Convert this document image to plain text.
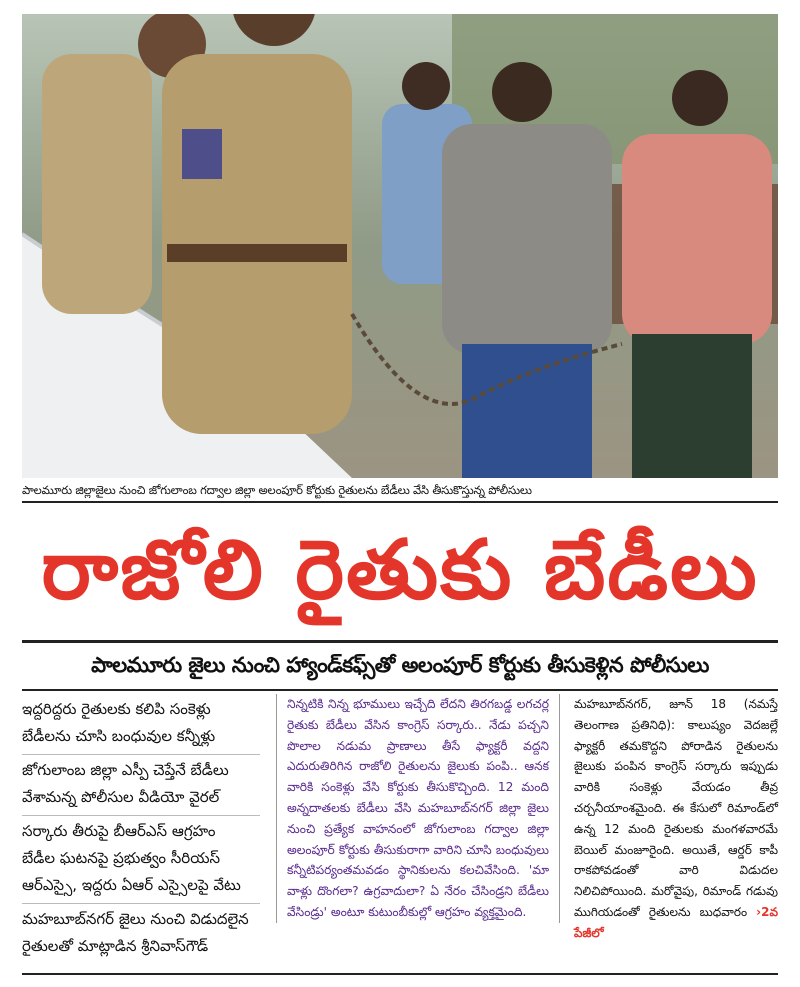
పాలమూరు జిల్లాజైలు నుంచి జోగులాంబ గద్వాల జిల్లా అలంపూర్ కోర్టుకు రైతులను బేడీలు వేసి తీసుకొస్తున్న పోలీసులు
రాజోలి రైతుకు బేడీలు
పాలమూరు జైలు నుంచి హ్యాండ్‌కఫ్స్‌తో అలంపూర్ కోర్టుకు తీసుకెళ్లిన పోలీసులు

ఇద్దరిద్దరు రైతులకు కలిపి సంకెళ్లు

బేడీలను చూసి బంధువుల కన్నీళ్లు

జోగులాంబ జిల్లా ఎస్పీ చెప్తేనే బేడీలు

వేశామన్న పోలీసుల వీడియో వైరల్

సర్కారు తీరుపై బీఆర్ఎస్ ఆగ్రహం

బేడీల ఘటనపై ప్రభుత్వం సీరియస్

ఆర్ఎస్సై, ఇద్దరు ఏఆర్ ఎస్సైలపై వేటు

మహబూబ్‌నగర్ జైలు నుంచి విడుదలైన

రైతులతో మాట్లాడిన శ్రీనివాస్‌గౌడ్

నిన్నటికి నిన్న భూములు ఇచ్చేది లేదని తిరగబడ్డ లగచర్ల రైతుకు బేడీలు వేసిన కాంగ్రెస్ సర్కారు.. నేడు పచ్చని పొలాల నడుమ ప్రాణాలు తీసే ఫ్యాక్టరీ వద్దని ఎదురుతిరిగిన రాజోలి రైతులను జైలుకు పంపి.. ఆనక వారికి సంకెళ్లు వేసి కోర్టుకు తీసుకొచ్చింది. 12 మంది అన్నదాతలకు బేడీలు వేసి మహబూబ్‌నగర్ జిల్లా జైలు నుంచి ప్రత్యేక వాహనంలో జోగులాంబ గద్వాల జిల్లా అలంపూర్ కోర్టుకు తీసుకురాగా వారిని చూసి బంధువులు కన్నీటిపర్యంతమవడం స్థానికులను కలచివేసింది. 'మా వాళ్లు దొంగలా? ఉగ్రవాదులా? ఏ నేరం చేసిండ్రని బేడీలు వేసిండ్రు' అంటూ కుటుంబీకుల్లో ఆగ్రహం వ్యక్తమైంది.

మహబూబ్‌నగర్, జూన్ 18 (నమస్తే తెలంగాణ ప్రతినిధి): కాలుష్యం వెదజల్లే ఫ్యాక్టరీ తమకొద్దని పోరాడిన రైతులను జైలుకు పంపిన కాంగ్రెస్ సర్కారు ఇప్పుడు వారికి సంకెళ్లు వేయడం తీవ్ర చర్చనీయాంశమైంది. ఈ కేసులో రిమాండ్‌లో ఉన్న 12 మంది రైతులకు మంగళవారమే బెయిల్ మంజూరైంది. అయితే, ఆర్డర్ కాపీ రాకపోవడంతో వారి విడుదల నిలిచిపోయింది. మరోవైపు, రిమాండ్ గడువు ముగియడంతో రైతులను బుధవారం ›2వ పేజీలో
